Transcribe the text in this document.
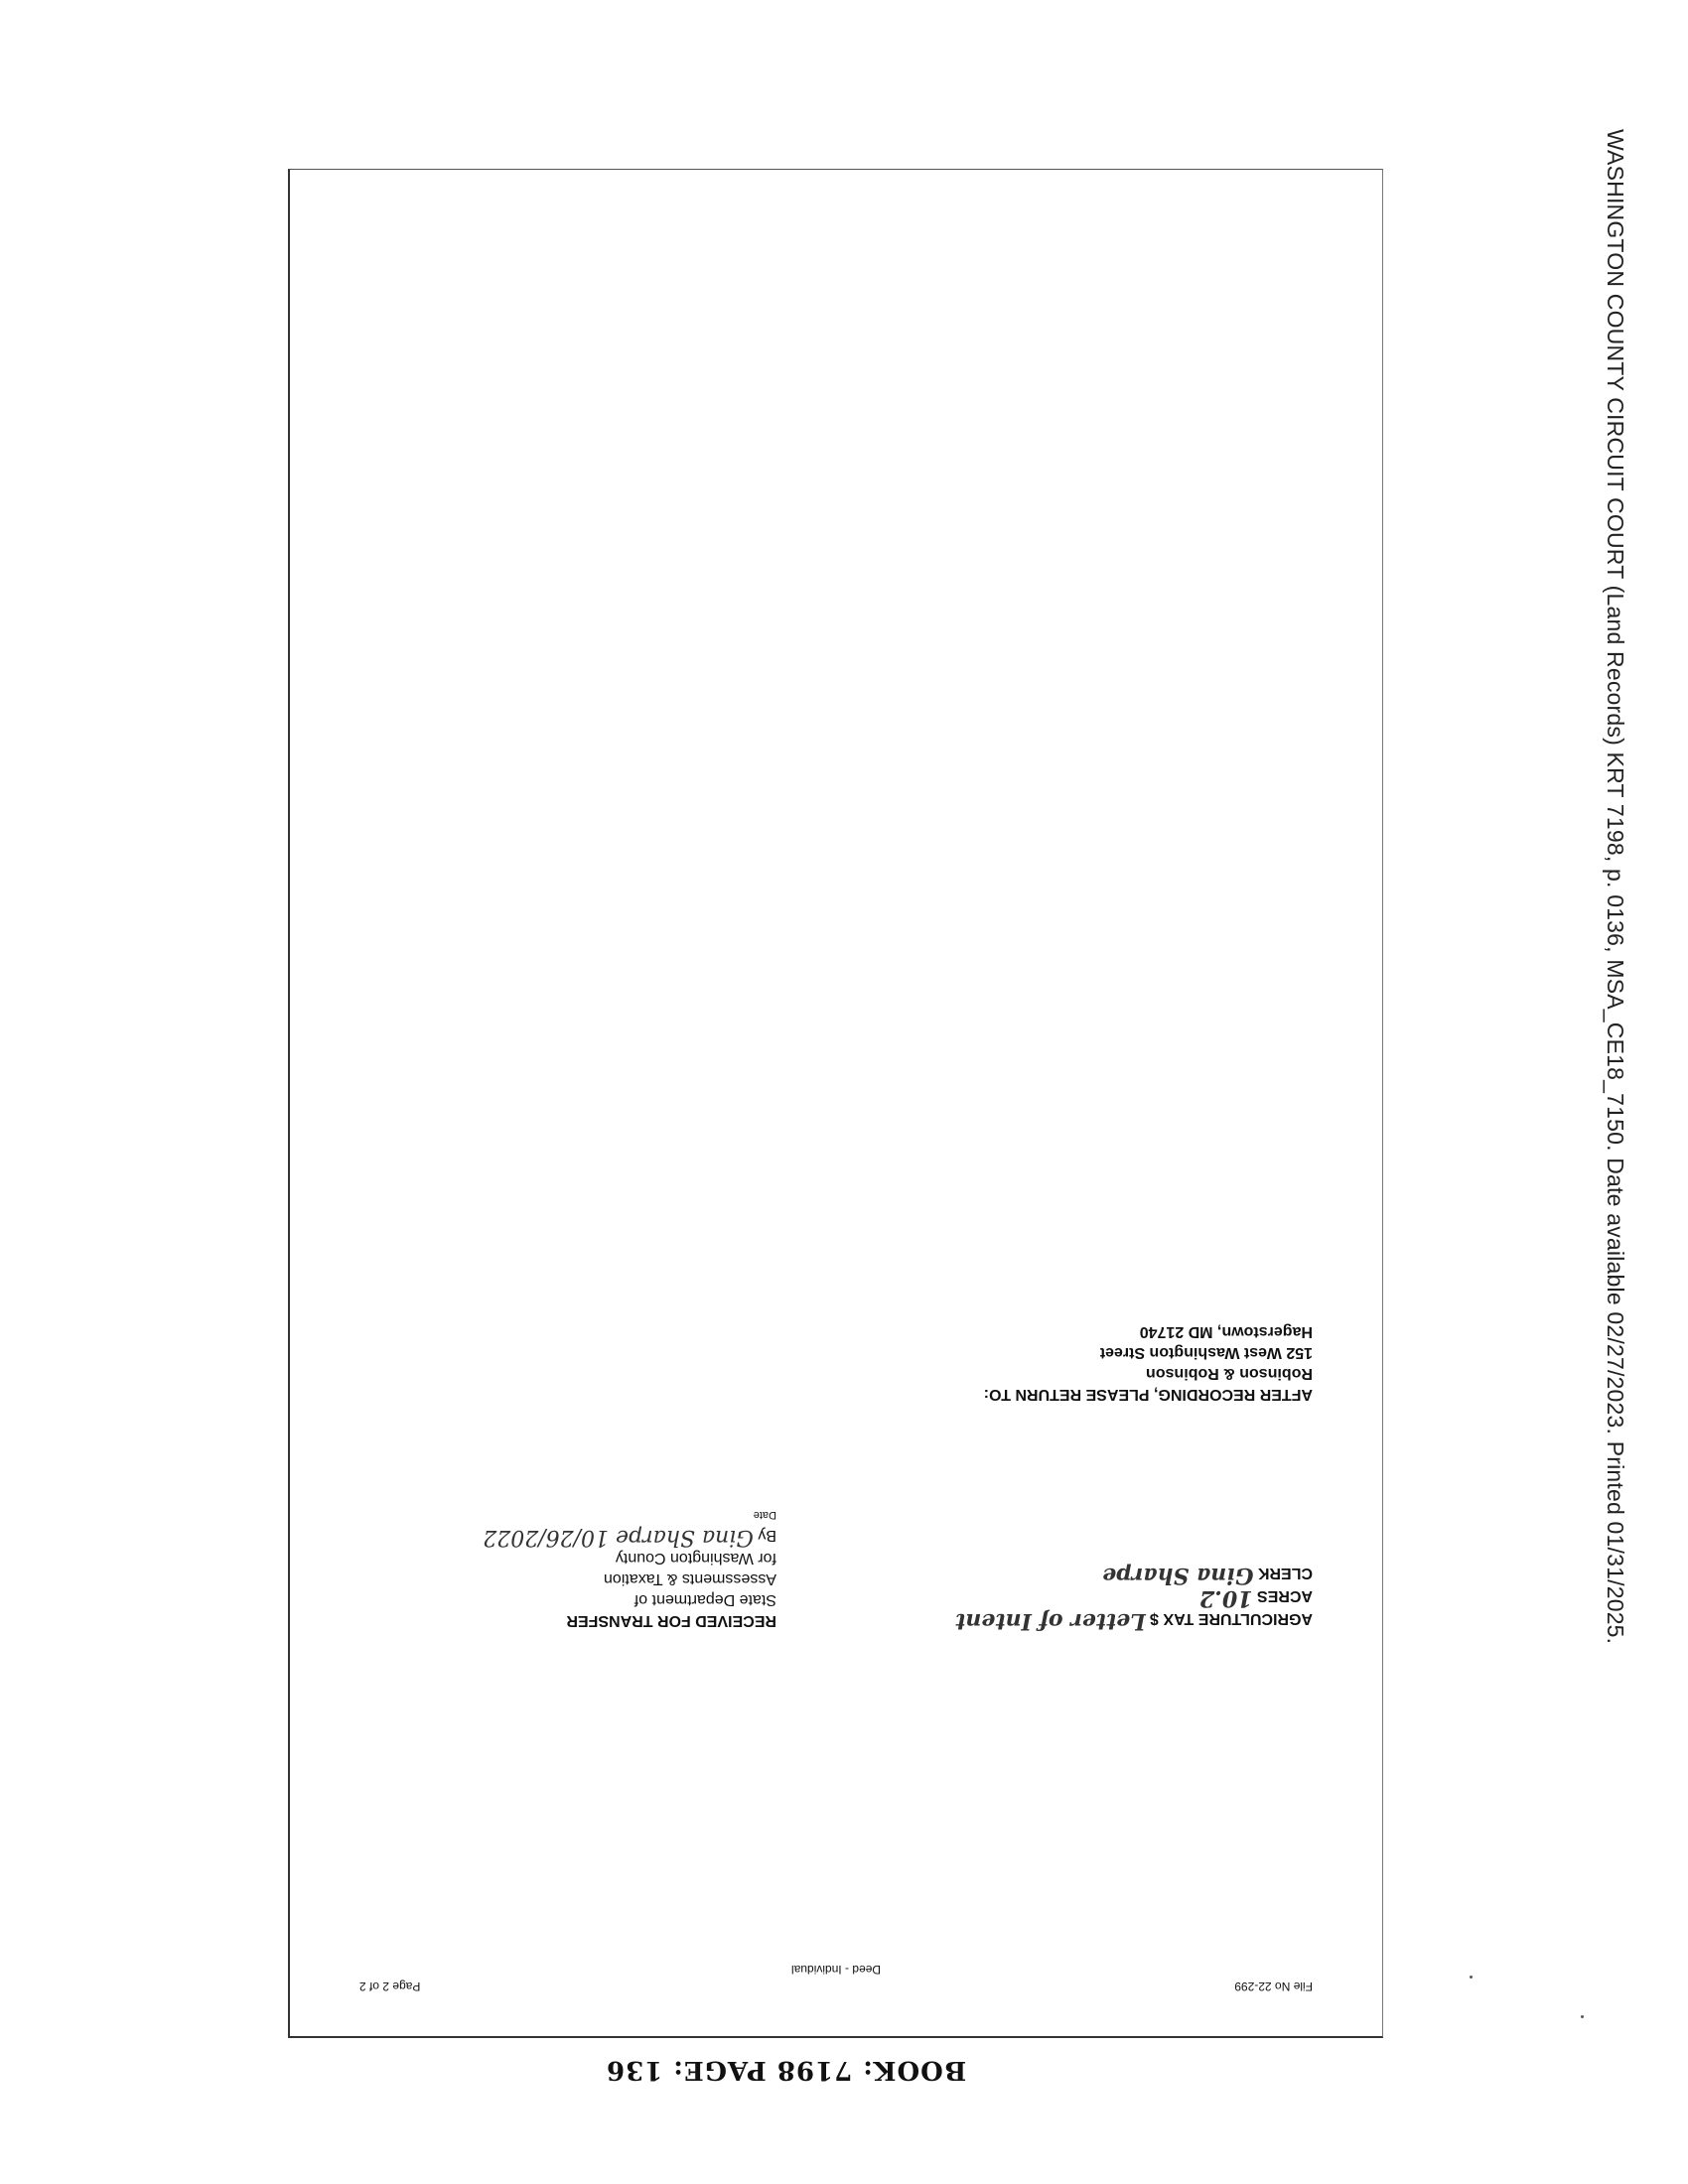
WASHINGTON COUNTY CIRCUIT COURT (Land Records) KRT 7198, p. 0136, MSA_CE18_7150. Date available 02/27/2023. Printed 01/31/2025.
File No 22-299
Page 2 of 2
Deed - Individual
AGRICULTURE TAX $ Letter of Intent
ACRES 10.2
CLERK Gina Sharpe
RECEIVED FOR TRANSFER
State Department of
Assessments & Taxation
for Washington County
By Gina Sharpe 10/26/2022
Date
AFTER RECORDING, PLEASE RETURN TO:
Robinson & Robinson
152 West Washington Street
Hagerstown, MD 21740
BOOK: 7198 PAGE: 136
